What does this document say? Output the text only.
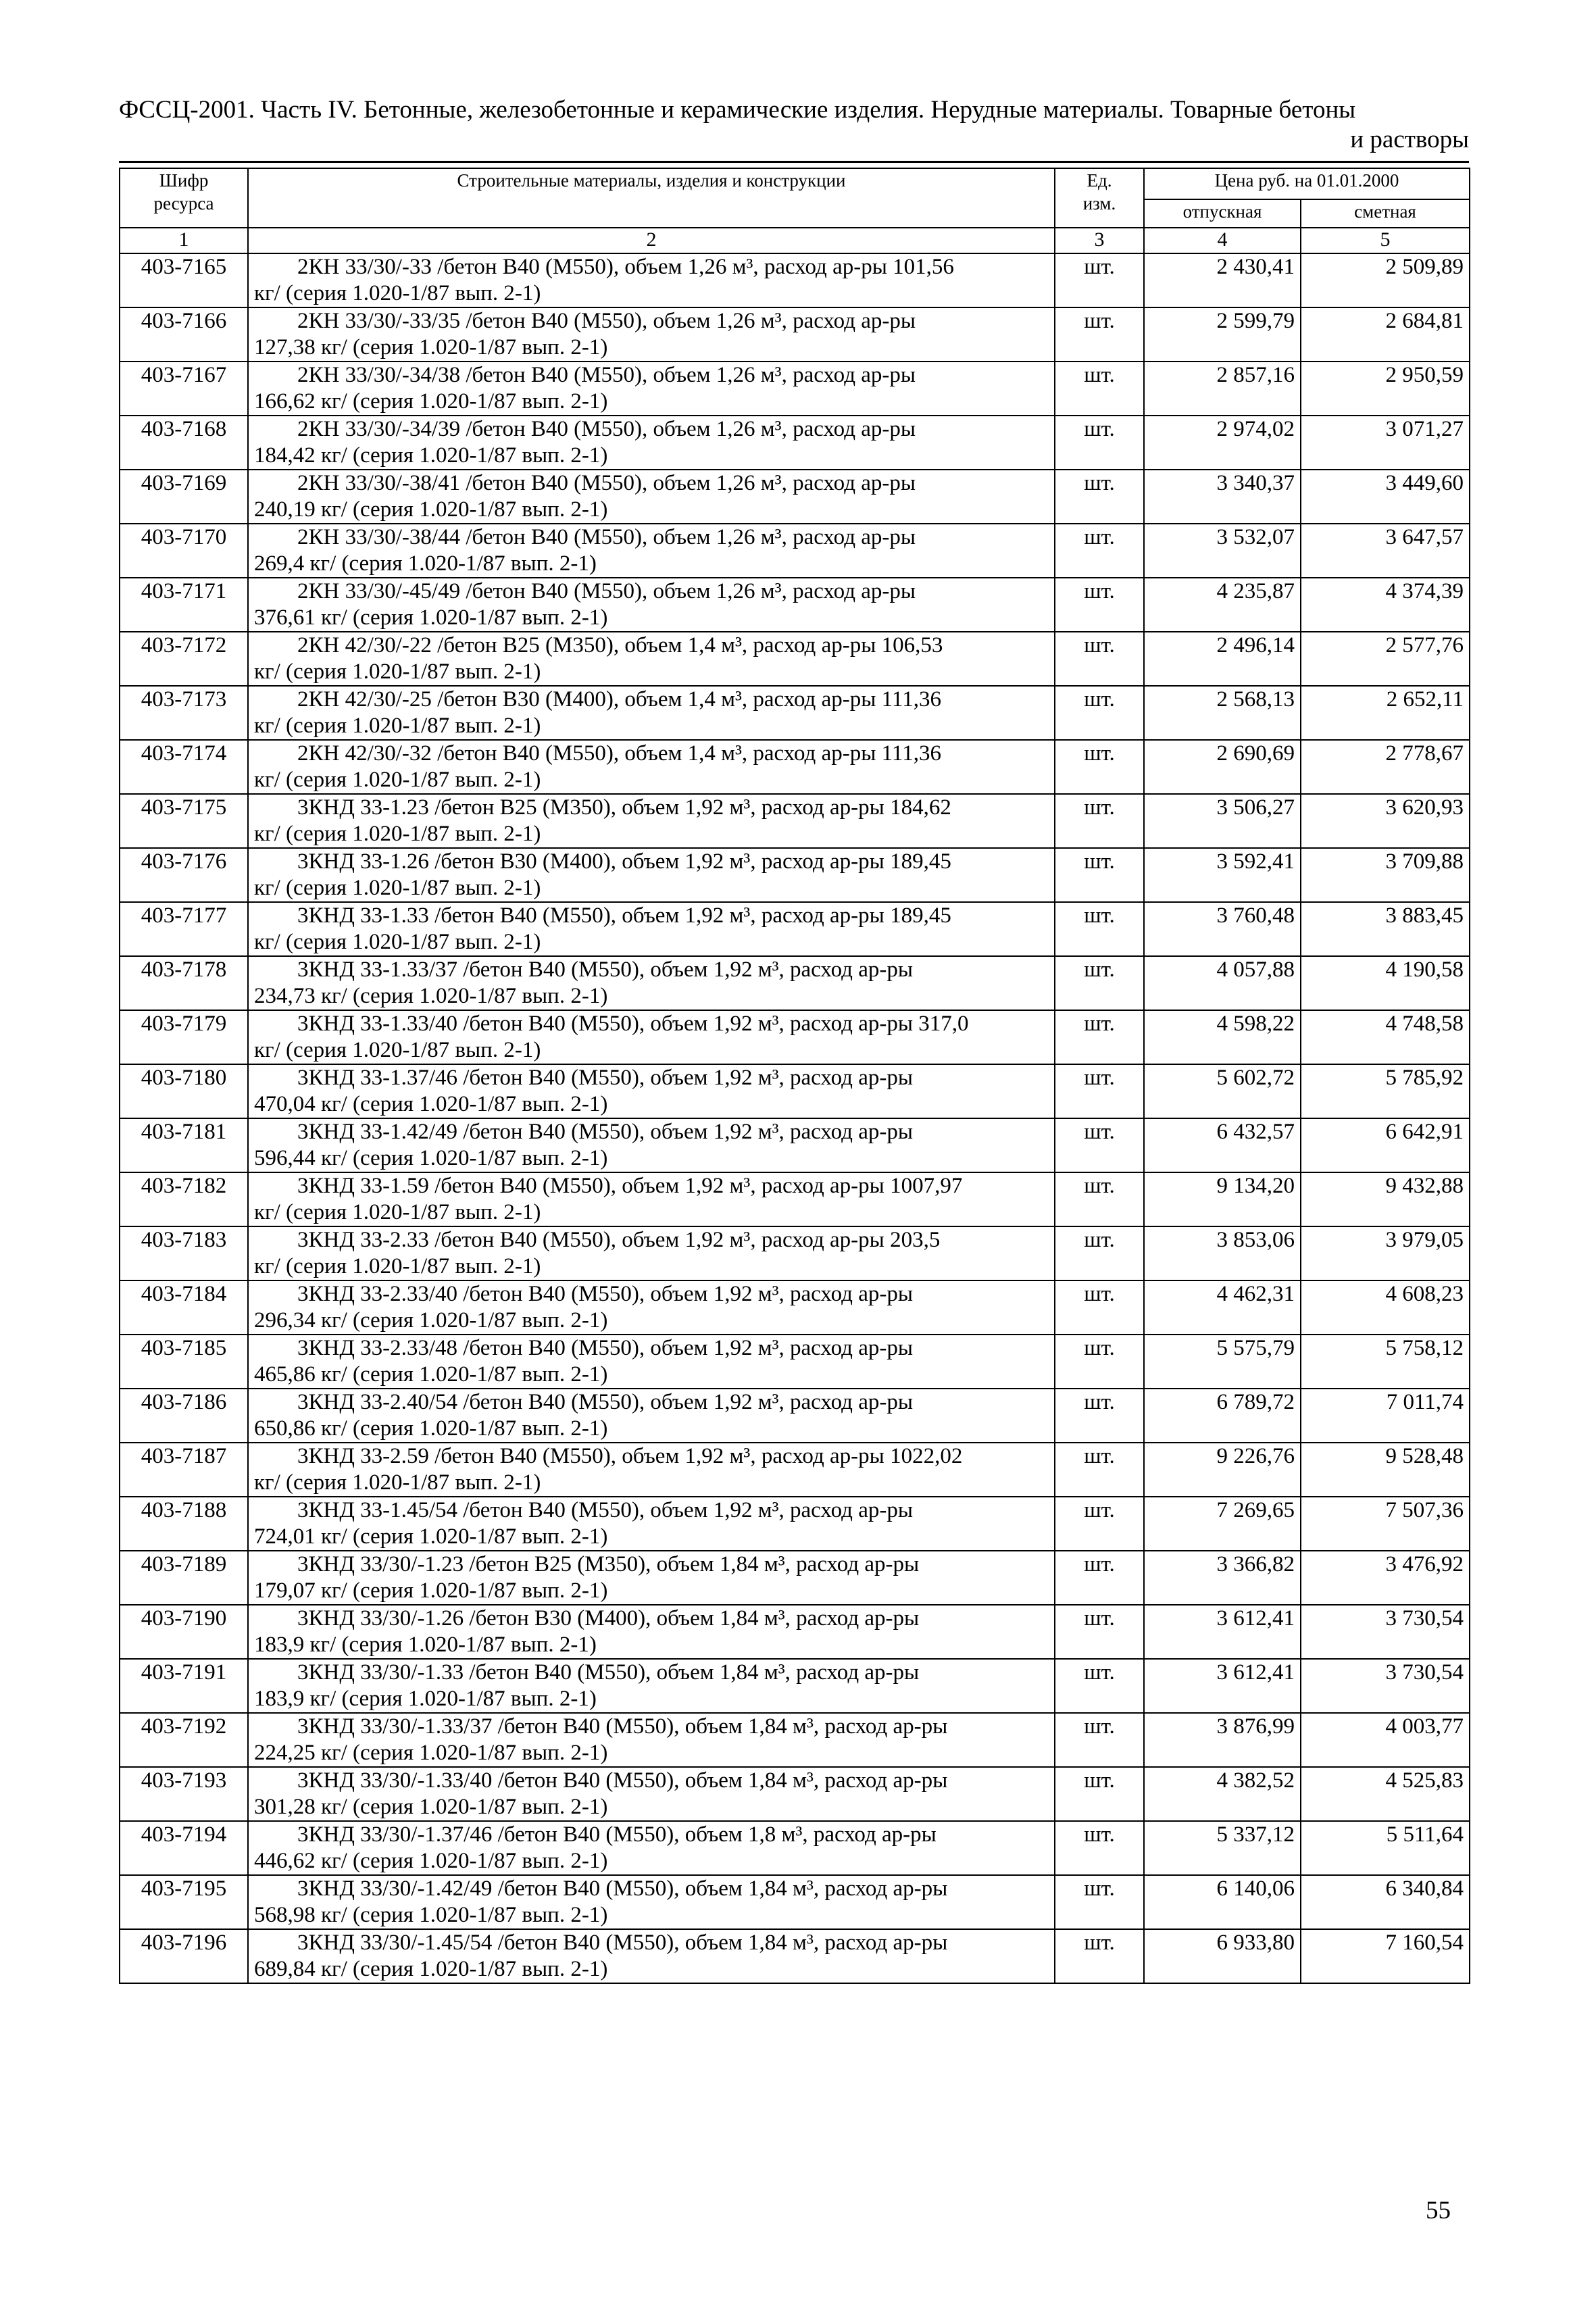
ФССЦ-2001. Часть IV. Бетонные, железобетонные и керамические изделия. Нерудные материалы. Товарные бетоны
и растворы
Шифр
ресурса	Строительные материалы, изделия и конструкции	Ед.
изм.	Цена руб. на 01.01.2000	
			отпускная	сметная
1	2	3	4	5
403-7165	2КН 33/30/-33 /бетон В40 (М550), объем 1,26 м³, расход ар-ры 101,56
кг/ (серия 1.020-1/87 вып. 2-1)	шт.	2 430,41	2 509,89
403-7166	2КН 33/30/-33/35 /бетон В40 (М550), объем 1,26 м³, расход ар-ры
127,38 кг/ (серия 1.020-1/87 вып. 2-1)	шт.	2 599,79	2 684,81
403-7167	2КН 33/30/-34/38 /бетон В40 (М550), объем 1,26 м³, расход ар-ры
166,62 кг/ (серия 1.020-1/87 вып. 2-1)	шт.	2 857,16	2 950,59
403-7168	2КН 33/30/-34/39 /бетон В40 (М550), объем 1,26 м³, расход ар-ры
184,42 кг/ (серия 1.020-1/87 вып. 2-1)	шт.	2 974,02	3 071,27
403-7169	2КН 33/30/-38/41 /бетон В40 (М550), объем 1,26 м³, расход ар-ры
240,19 кг/ (серия 1.020-1/87 вып. 2-1)	шт.	3 340,37	3 449,60
403-7170	2КН 33/30/-38/44 /бетон В40 (М550), объем 1,26 м³, расход ар-ры
269,4 кг/ (серия 1.020-1/87 вып. 2-1)	шт.	3 532,07	3 647,57
403-7171	2КН 33/30/-45/49 /бетон В40 (М550), объем 1,26 м³, расход ар-ры
376,61 кг/ (серия 1.020-1/87 вып. 2-1)	шт.	4 235,87	4 374,39
403-7172	2КН 42/30/-22 /бетон В25 (М350), объем 1,4 м³, расход ар-ры 106,53
кг/ (серия 1.020-1/87 вып. 2-1)	шт.	2 496,14	2 577,76
403-7173	2КН 42/30/-25 /бетон В30 (М400), объем 1,4 м³, расход ар-ры 111,36
кг/ (серия 1.020-1/87 вып. 2-1)	шт.	2 568,13	2 652,11
403-7174	2КН 42/30/-32 /бетон В40 (М550), объем 1,4 м³, расход ар-ры 111,36
кг/ (серия 1.020-1/87 вып. 2-1)	шт.	2 690,69	2 778,67
403-7175	3КНД 33-1.23 /бетон В25 (М350), объем 1,92 м³, расход ар-ры 184,62
кг/ (серия 1.020-1/87 вып. 2-1)	шт.	3 506,27	3 620,93
403-7176	3КНД 33-1.26 /бетон В30 (М400), объем 1,92 м³, расход ар-ры 189,45
кг/ (серия 1.020-1/87 вып. 2-1)	шт.	3 592,41	3 709,88
403-7177	3КНД 33-1.33 /бетон В40 (М550), объем 1,92 м³, расход ар-ры 189,45
кг/ (серия 1.020-1/87 вып. 2-1)	шт.	3 760,48	3 883,45
403-7178	3КНД 33-1.33/37 /бетон В40 (М550), объем 1,92 м³, расход ар-ры
234,73 кг/ (серия 1.020-1/87 вып. 2-1)	шт.	4 057,88	4 190,58
403-7179	3КНД 33-1.33/40 /бетон В40 (М550), объем 1,92 м³, расход ар-ры 317,0
кг/ (серия 1.020-1/87 вып. 2-1)	шт.	4 598,22	4 748,58
403-7180	3КНД 33-1.37/46 /бетон В40 (М550), объем 1,92 м³, расход ар-ры
470,04 кг/ (серия 1.020-1/87 вып. 2-1)	шт.	5 602,72	5 785,92
403-7181	3КНД 33-1.42/49 /бетон В40 (М550), объем 1,92 м³, расход ар-ры
596,44 кг/ (серия 1.020-1/87 вып. 2-1)	шт.	6 432,57	6 642,91
403-7182	3КНД 33-1.59 /бетон В40 (М550), объем 1,92 м³, расход ар-ры 1007,97
кг/ (серия 1.020-1/87 вып. 2-1)	шт.	9 134,20	9 432,88
403-7183	3КНД 33-2.33 /бетон В40 (М550), объем 1,92 м³, расход ар-ры 203,5
кг/ (серия 1.020-1/87 вып. 2-1)	шт.	3 853,06	3 979,05
403-7184	3КНД 33-2.33/40 /бетон В40 (М550), объем 1,92 м³, расход ар-ры
296,34 кг/ (серия 1.020-1/87 вып. 2-1)	шт.	4 462,31	4 608,23
403-7185	3КНД 33-2.33/48 /бетон В40 (М550), объем 1,92 м³, расход ар-ры
465,86 кг/ (серия 1.020-1/87 вып. 2-1)	шт.	5 575,79	5 758,12
403-7186	3КНД 33-2.40/54 /бетон В40 (М550), объем 1,92 м³, расход ар-ры
650,86 кг/ (серия 1.020-1/87 вып. 2-1)	шт.	6 789,72	7 011,74
403-7187	3КНД 33-2.59 /бетон В40 (М550), объем 1,92 м³, расход ар-ры 1022,02
кг/ (серия 1.020-1/87 вып. 2-1)	шт.	9 226,76	9 528,48
403-7188	3КНД 33-1.45/54 /бетон В40 (М550), объем 1,92 м³, расход ар-ры
724,01 кг/ (серия 1.020-1/87 вып. 2-1)	шт.	7 269,65	7 507,36
403-7189	3КНД 33/30/-1.23 /бетон В25 (М350), объем 1,84 м³, расход ар-ры
179,07 кг/ (серия 1.020-1/87 вып. 2-1)	шт.	3 366,82	3 476,92
403-7190	3КНД 33/30/-1.26 /бетон В30 (М400), объем 1,84 м³, расход ар-ры
183,9 кг/ (серия 1.020-1/87 вып. 2-1)	шт.	3 612,41	3 730,54
403-7191	3КНД 33/30/-1.33 /бетон В40 (М550), объем 1,84 м³, расход ар-ры
183,9 кг/ (серия 1.020-1/87 вып. 2-1)	шт.	3 612,41	3 730,54
403-7192	3КНД 33/30/-1.33/37 /бетон В40 (М550), объем 1,84 м³, расход ар-ры
224,25 кг/ (серия 1.020-1/87 вып. 2-1)	шт.	3 876,99	4 003,77
403-7193	3КНД 33/30/-1.33/40 /бетон В40 (М550), объем 1,84 м³, расход ар-ры
301,28 кг/ (серия 1.020-1/87 вып. 2-1)	шт.	4 382,52	4 525,83
403-7194	3КНД 33/30/-1.37/46 /бетон В40 (М550), объем 1,8 м³, расход ар-ры
446,62 кг/ (серия 1.020-1/87 вып. 2-1)	шт.	5 337,12	5 511,64
403-7195	3КНД 33/30/-1.42/49 /бетон В40 (М550), объем 1,84 м³, расход ар-ры
568,98 кг/ (серия 1.020-1/87 вып. 2-1)	шт.	6 140,06	6 340,84
403-7196	3КНД 33/30/-1.45/54 /бетон В40 (М550), объем 1,84 м³, расход ар-ры
689,84 кг/ (серия 1.020-1/87 вып. 2-1)	шт.	6 933,80	7 160,54
55
